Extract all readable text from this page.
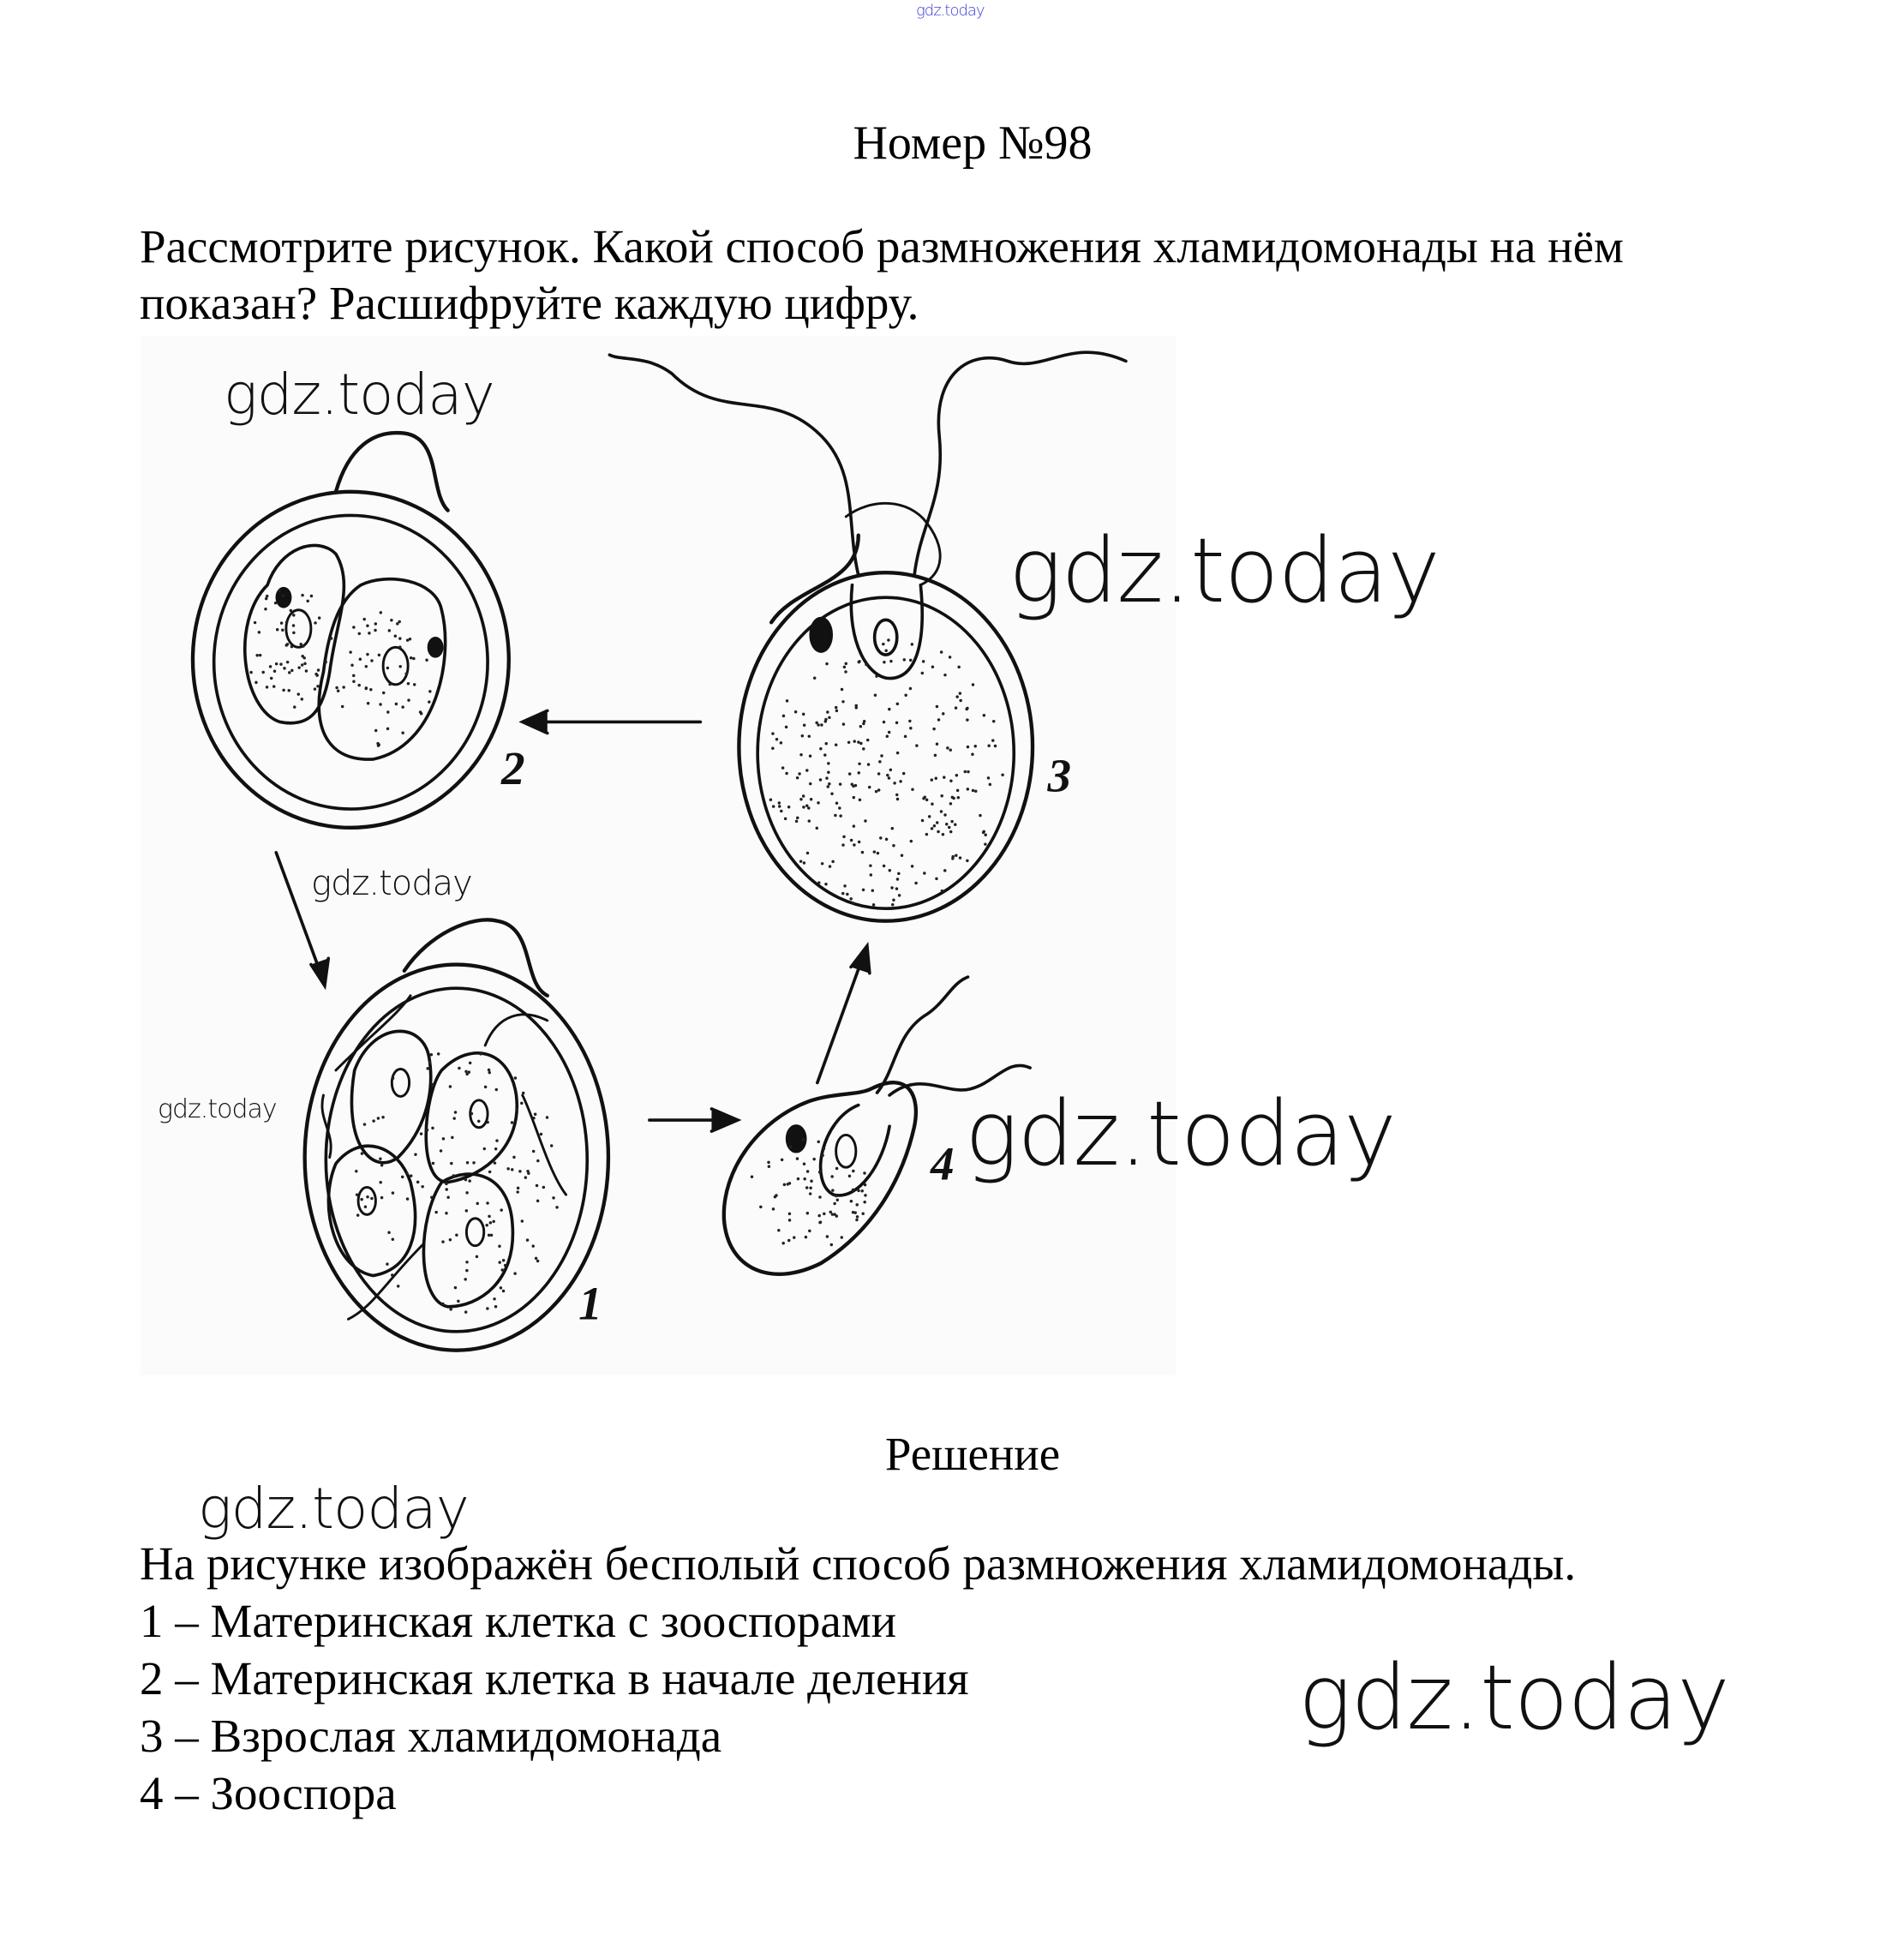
gdz.today
Номер №98
Рассмотрите рисунок. Какой способ размножения хламидомонады на нём
показан? Расшифруйте каждую цифру.
1
2	3
4
Решение
На рисунке изображён бесполый способ размножения хламидомонады.
1 – Материнская клетка с зооспорами
2 – Материнская клетка в начале деления
3 – Взрослая хламидомонада
4 – Зооспора
gdz.today
gdz.today
gdz.today
gdz.today	gdz.today
gdz.today
gdz.today
